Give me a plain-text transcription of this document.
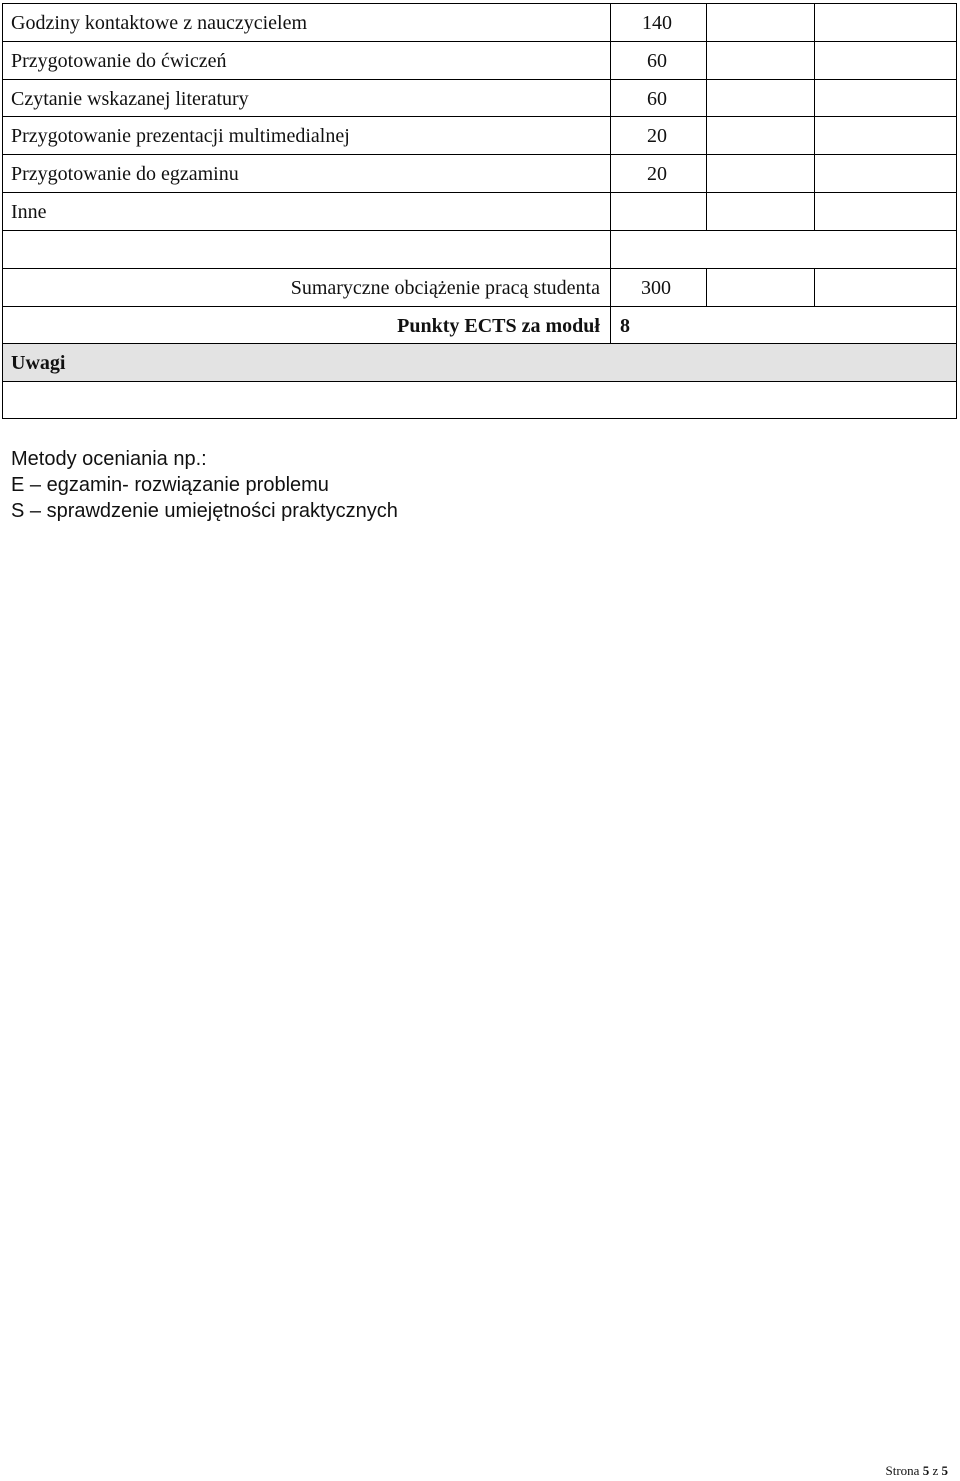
Godziny kontaktowe z nauczycielem	140
Przygotowanie do ćwiczeń	60
Czytanie wskazanej literatury	60
Przygotowanie prezentacji multimedialnej	20
Przygotowanie do egzaminu	20
Inne
Sumaryczne obciążenie pracą studenta 300
Punkty ECTS za moduł 8
Uwagi
Metody oceniania np.:
E – egzamin- rozwiązanie problemu
S – sprawdzenie umiejętności praktycznych
Strona 5 z 5
